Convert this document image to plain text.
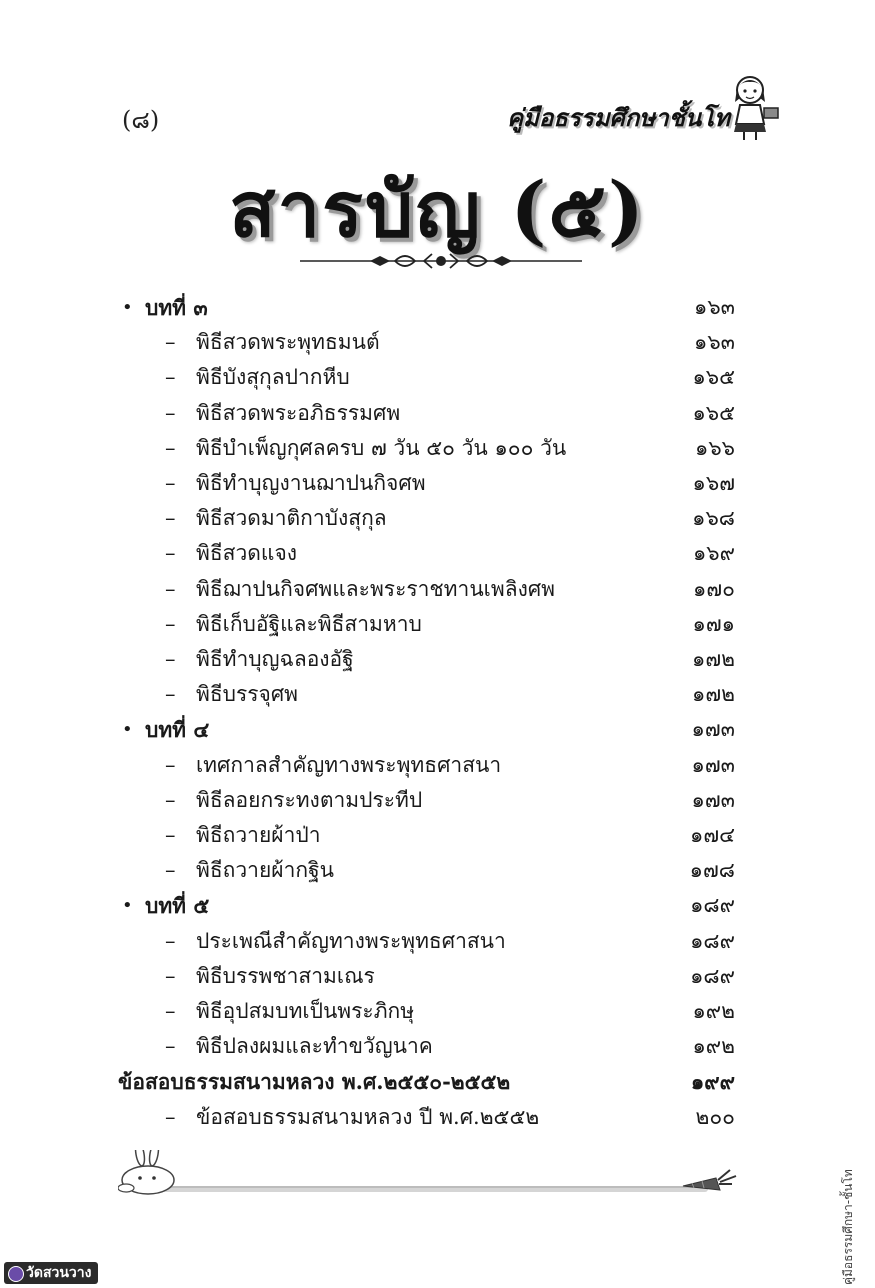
(๘)	คู่มือธรรมศึกษาชั้นโท
สารบัญ (๕)
• บทที่ ๓	๑๖๓
– พิธีสวดพระพุทธมนต์	๑๖๓
– พิธีบังสุกุลปากหีบ	๑๖๕
– พิธีสวดพระอภิธรรมศพ	๑๖๕
– พิธีบำเพ็ญกุศลครบ ๗ วัน ๕๐ วัน ๑๐๐ วัน	๑๖๖
– พิธีทำบุญงานฌาปนกิจศพ	๑๖๗
– พิธีสวดมาติกาบังสุกุล	๑๖๘
– พิธีสวดแจง	๑๖๙
– พิธีฌาปนกิจศพและพระราชทานเพลิงศพ	๑๗๐
– พิธีเก็บอัฐิและพิธีสามหาบ	๑๗๑
– พิธีทำบุญฉลองอัฐิ	๑๗๒
– พิธีบรรจุศพ	๑๗๒
• บทที่ ๔	๑๗๓
– เทศกาลสำคัญทางพระพุทธศาสนา	๑๗๓
– พิธีลอยกระทงตามประทีป	๑๗๓
– พิธีถวายผ้าป่า	๑๗๔
– พิธีถวายผ้ากฐิน	๑๗๘
• บทที่ ๕	๑๘๙
– ประเพณีสำคัญทางพระพุทธศาสนา	๑๘๙
– พิธีบรรพชาสามเณร	๑๘๙
– พิธีอุปสมบทเป็นพระภิกษุ	๑๙๒
– พิธีปลงผมและทำขวัญนาค	๑๙๒
ข้อสอบธรรมสนามหลวง พ.ศ.๒๕๕๐-๒๕๕๒	๑๙๙
– ข้อสอบธรรมสนามหลวง ปี พ.ศ.๒๕๕๒	๒๐๐
คู่มือธรรมศึกษา-ชั้นโท
วัดสวนวาง
